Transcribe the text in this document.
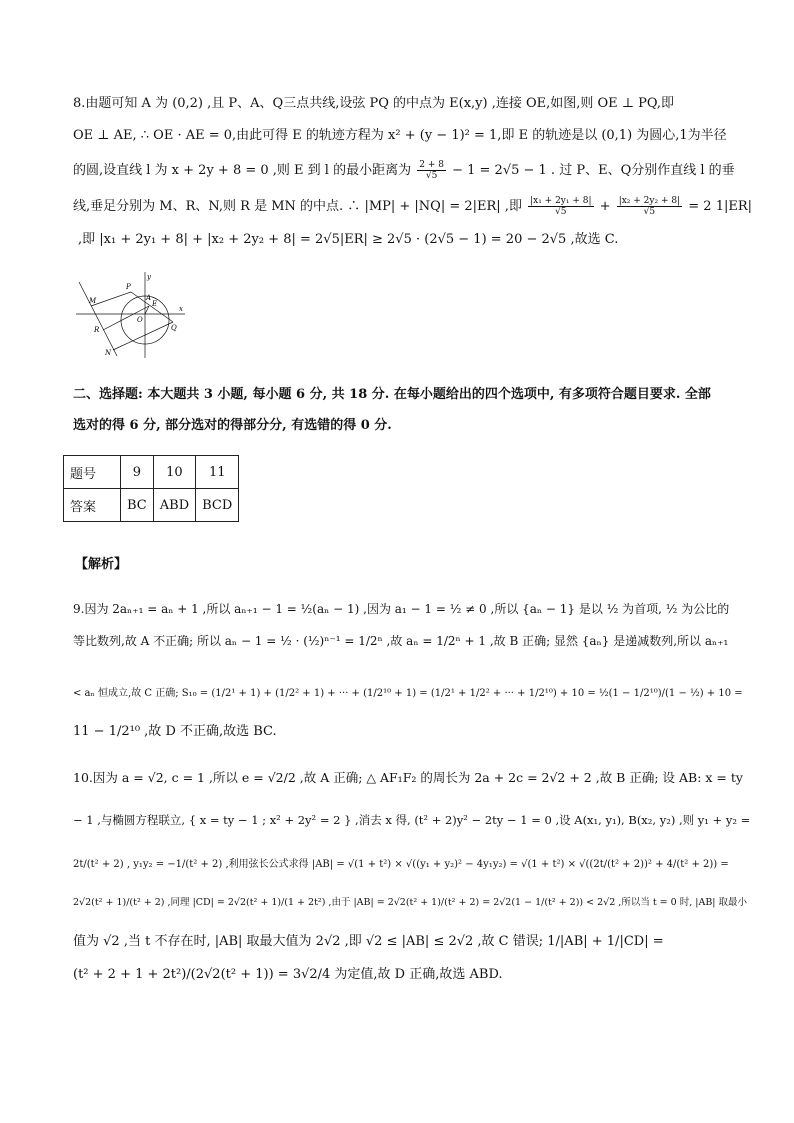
8.由题可知 A 为 (0,2) ,且 P、A、Q三点共线,设弦 PQ 的中点为 E(x,y) ,连接 OE,如图,则 OE ⊥ PQ,即
OE ⊥ AE, ∴ OE · AE = 0,由此可得 E 的轨迹方程为 x² + (y − 1)² = 1,即 E 的轨迹是以 (0,1) 为圆心,1为半径
的圆,设直线 l 为 x + 2y + 8 = 0 ,则 E 到 l 的最小距离为 $\frac{2 + 8}{√5} - 1 = 2√5 - 1$ . 过 P、E、Q分别作直线 l 的垂
线,垂足分别为 M、R、N,则 R 是 MN 的中点. ∴ |MP| + |NQ| = 2|ER| ,即 $\frac{\text{|x₁ + 2y₁ + 8|}}{√5} + \frac{\text{|x₂ + 2y₂ + 8|}}{√5} = 2$ 1|ER|
,即 |x₁ + 2y₁ + 8| + |x₂ + 2y₂ + 8| = 2√5|ER| ≥ 2√5 · (2√5 − 1) = 20 − 2√5 ,故选 C.
y
P
A
E
x
M
O
Q
R
N
二、选择题: 本大题共 3 小题, 每小题 6 分, 共 18 分. 在每小题给出的四个选项中, 有多项符合题目要求. 全部
选对的得 6 分, 部分选对的得部分分, 有选错的得 0 分.
题号	9	10	11
答案	BC	ABD	BCD
【解析】
9.因为 2aₙ₊₁ = aₙ + 1 ,所以 aₙ₊₁ − 1 = ½(aₙ − 1) ,因为 a₁ − 1 = ½ ≠ 0 ,所以 {aₙ − 1} 是以 ½ 为首项, ½ 为公比的
等比数列,故 A 不正确; 所以 aₙ − 1 = ½ · (½)ⁿ⁻¹ = 1/2ⁿ ,故 aₙ = 1/2ⁿ + 1 ,故 B 正确; 显然 {aₙ} 是递减数列,所以 aₙ₊₁
< aₙ 恒成立,故 C 正确; S₁₀ = (1/2¹ + 1) + (1/2² + 1) + ··· + (1/2¹⁰ + 1) = (1/2¹ + 1/2² + ··· + 1/2¹⁰) + 10 = ½(1 − 1/2¹⁰)/(1 − ½) + 10 =
11 − 1/2¹⁰ ,故 D 不正确,故选 BC.
10.因为 a = √2, c = 1 ,所以 e = √2/2 ,故 A 正确; △ AF₁F₂ 的周长为 2a + 2c = 2√2 + 2 ,故 B 正确; 设 AB: x = ty
− 1 ,与椭圆方程联立, { x = ty − 1 ; x² + 2y² = 2 } ,消去 x 得, (t² + 2)y² − 2ty − 1 = 0 ,设 A(x₁, y₁), B(x₂, y₂) ,则 y₁ + y₂ =
2t/(t² + 2) , y₁y₂ = −1/(t² + 2) ,利用弦长公式求得 |AB| = √(1 + t²) × √((y₁ + y₂)² − 4y₁y₂) = √(1 + t²) × √((2t/(t² + 2))² + 4/(t² + 2)) =
2√2(t² + 1)/(t² + 2) ,同理 |CD| = 2√2(t² + 1)/(1 + 2t²) ,由于 |AB| = 2√2(t² + 1)/(t² + 2) = 2√2(1 − 1/(t² + 2)) < 2√2 ,所以当 t = 0 时, |AB| 取最小
值为 √2 ,当 t 不存在时, |AB| 取最大值为 2√2 ,即 √2 ≤ |AB| ≤ 2√2 ,故 C 错误; 1/|AB| + 1/|CD| =
(t² + 2 + 1 + 2t²)/(2√2(t² + 1)) = 3√2/4 为定值,故 D 正确,故选 ABD.
